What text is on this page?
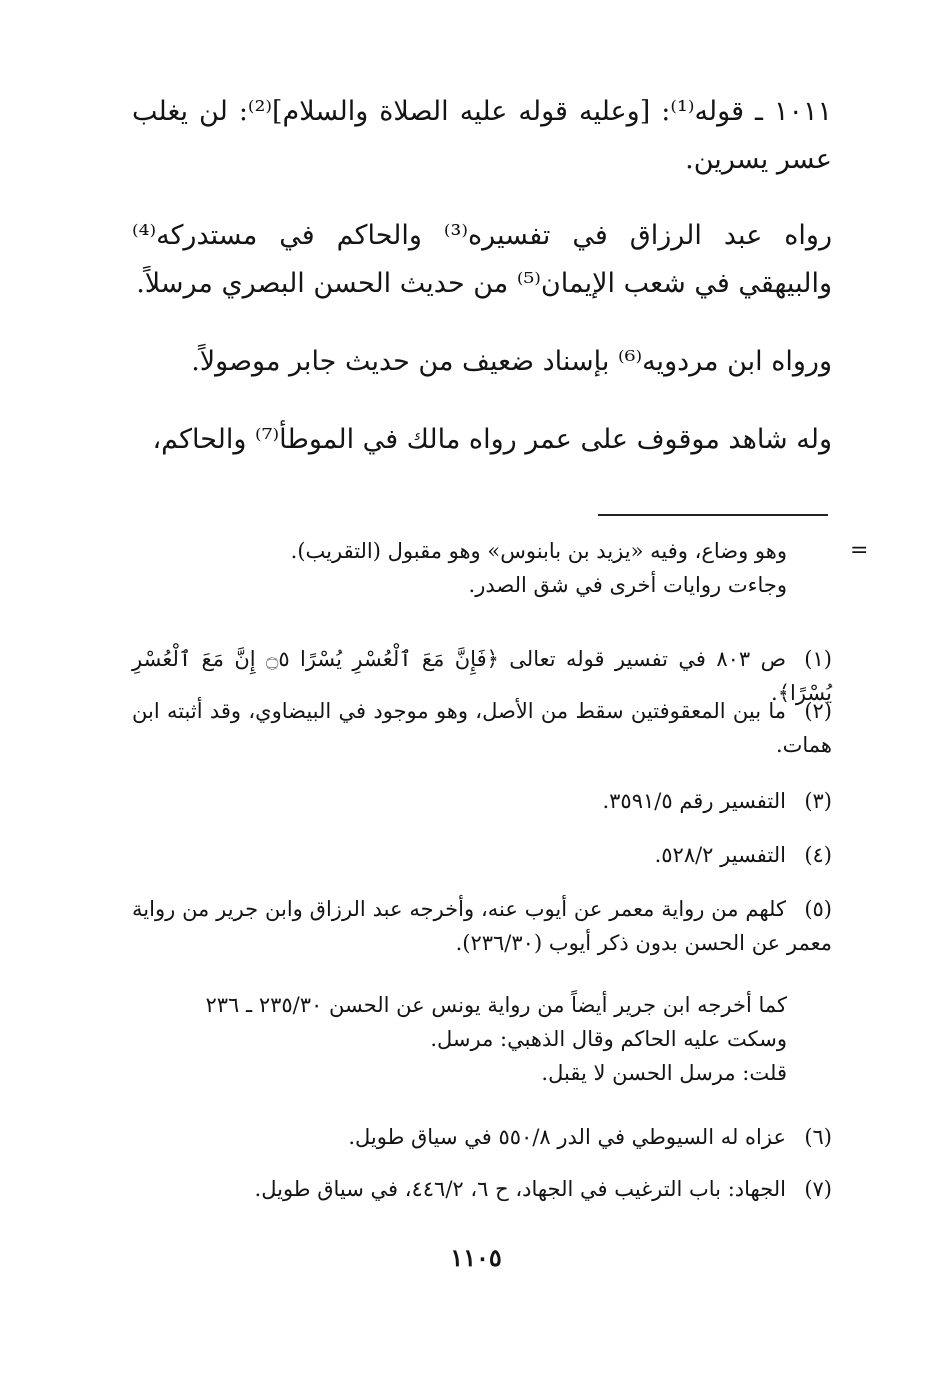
١٠١١ ـ قوله⁽¹⁾: [وعليه قوله عليه الصلاة والسلام]⁽²⁾: لن يغلب عسر يسرين.

رواه عبد الرزاق في تفسيره⁽³⁾ والحاكم في مستدركه⁽⁴⁾ والبيهقي في شعب الإيمان⁽⁵⁾ من حديث الحسن البصري مرسلاً.

ورواه ابن مردويه⁽⁶⁾ بإسناد ضعيف من حديث جابر موصولاً.

وله شاهد موقوف على عمر رواه مالك في الموطأ⁽⁷⁾ والحاكم،

=
وهو وضاع، وفيه «يزيد بن بابنوس» وهو مقبول (التقريب).
وجاءت روايات أخرى في شق الصدر.
(١)ص ٨٠٣ في تفسير قوله تعالى ﴿فَإِنَّ مَعَ ٱلْعُسْرِ يُسْرًا ۝٥ إِنَّ مَعَ ٱلْعُسْرِ يُسْرًا﴾.
(٢)ما بين المعقوفتين سقط من الأصل، وهو موجود في البيضاوي، وقد أثبته ابن همات.
(٣)التفسير رقم ٣٥٩١/٥.
(٤)التفسير ٥٢٨/٢.
(٥)كلهم من رواية معمر عن أيوب عنه، وأخرجه عبد الرزاق وابن جرير من رواية معمر عن الحسن بدون ذكر أيوب (٢٣٦/٣٠).
كما أخرجه ابن جرير أيضاً من رواية يونس عن الحسن ٢٣٥/٣٠ ـ ٢٣٦
وسكت عليه الحاكم وقال الذهبي: مرسل.
قلت: مرسل الحسن لا يقبل.
(٦)عزاه له السيوطي في الدر ٥٥٠/٨ في سياق طويل.
(٧)الجهاد: باب الترغيب في الجهاد، ح ٦، ٤٤٦/٢، في سياق طويل.
١١٠٥
